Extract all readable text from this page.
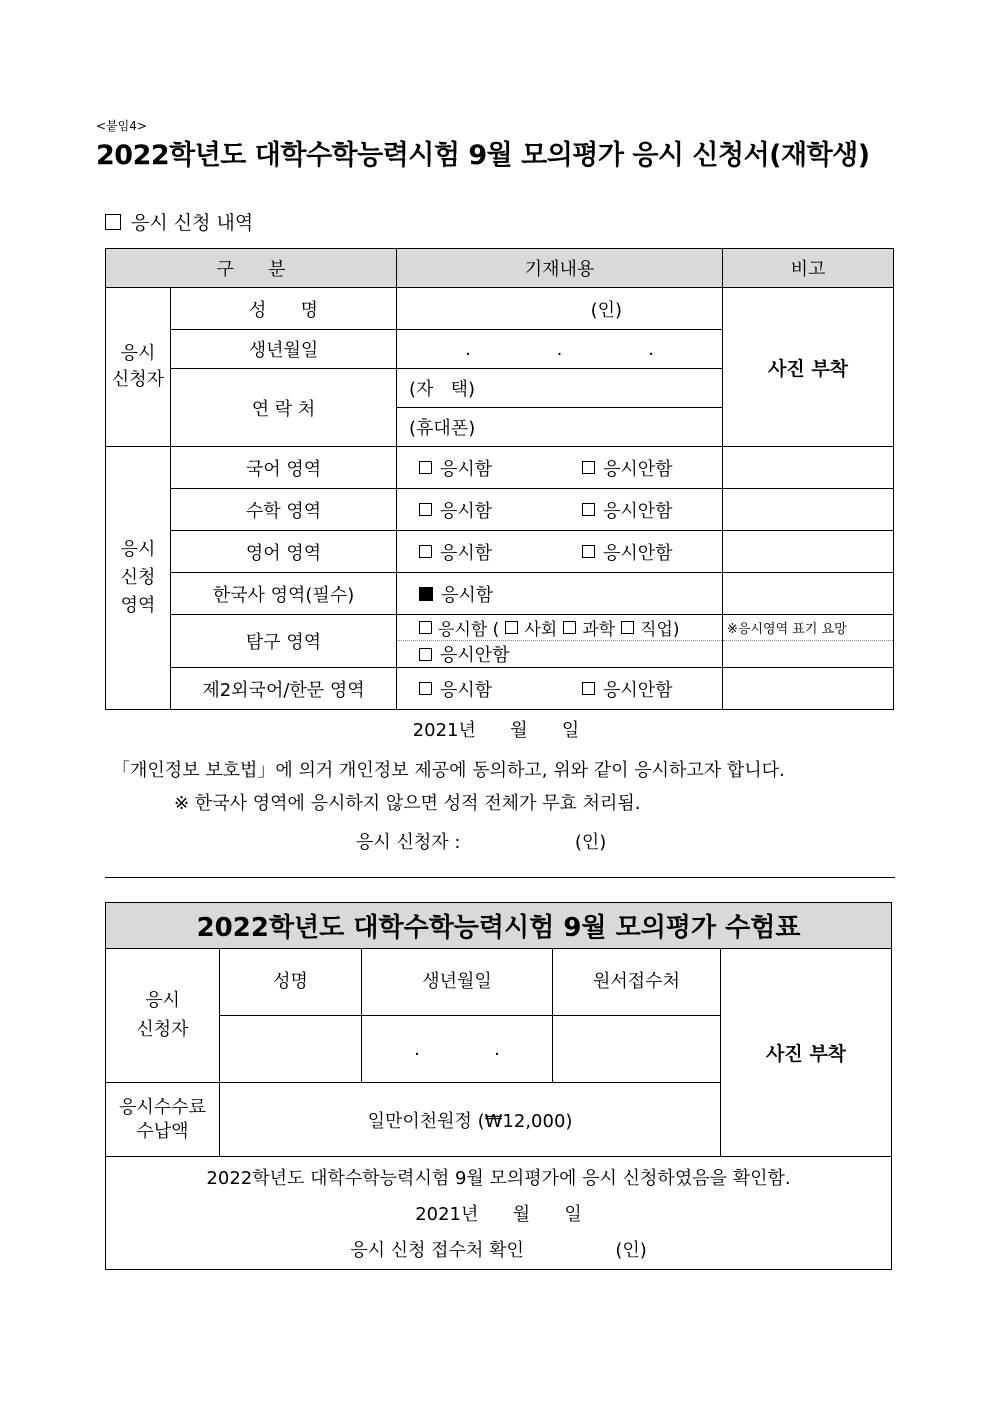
<붙임4>
2022학년도 대학수학능력시험 9월 모의평가 응시 신청서(재학생)
응시 신청 내역
구      분		기재내용	비고
응시
신청자	성      명	(인)	사진 부착
	생년월일	.               .               .	
	연 락 처	(자   택)	
		(휴대폰)	
응시
신청
영역	국어 영역	응시함 응시안함	

	수학 영역	응시함 응시안함	

	영어 영역	응시함 응시안함	

	한국사 영역(필수)	응시함	

	탐구 영역	응시함 ( 사회 과학 직업)	※응시영역 표기 요망

		응시안함	

	제2외국어/한문 영역	응시함 응시안함	

2021년      월      일
「개인정보 보호법」에 의거 개인정보 제공에 동의하고, 위와 같이 응시하고자 합니다.
※ 한국사 영역에 응시하지 않으면 성적 전체가 무효 처리됨.
응시 신청자 :                    (인)
2022학년도 대학수학능력시험 9월 모의평가 수험표				
응시
신청자	성명	생년월일	원서접수처	사진 부착
		.             .		
응시수수료
수납액	일만이천원정 (₩12,000)			

2022학년도 대학수학능력시험 9월 모의평가에 응시 신청하였음을 확인함.
2021년      월      일
응시 신청 접수처 확인                (인)				
